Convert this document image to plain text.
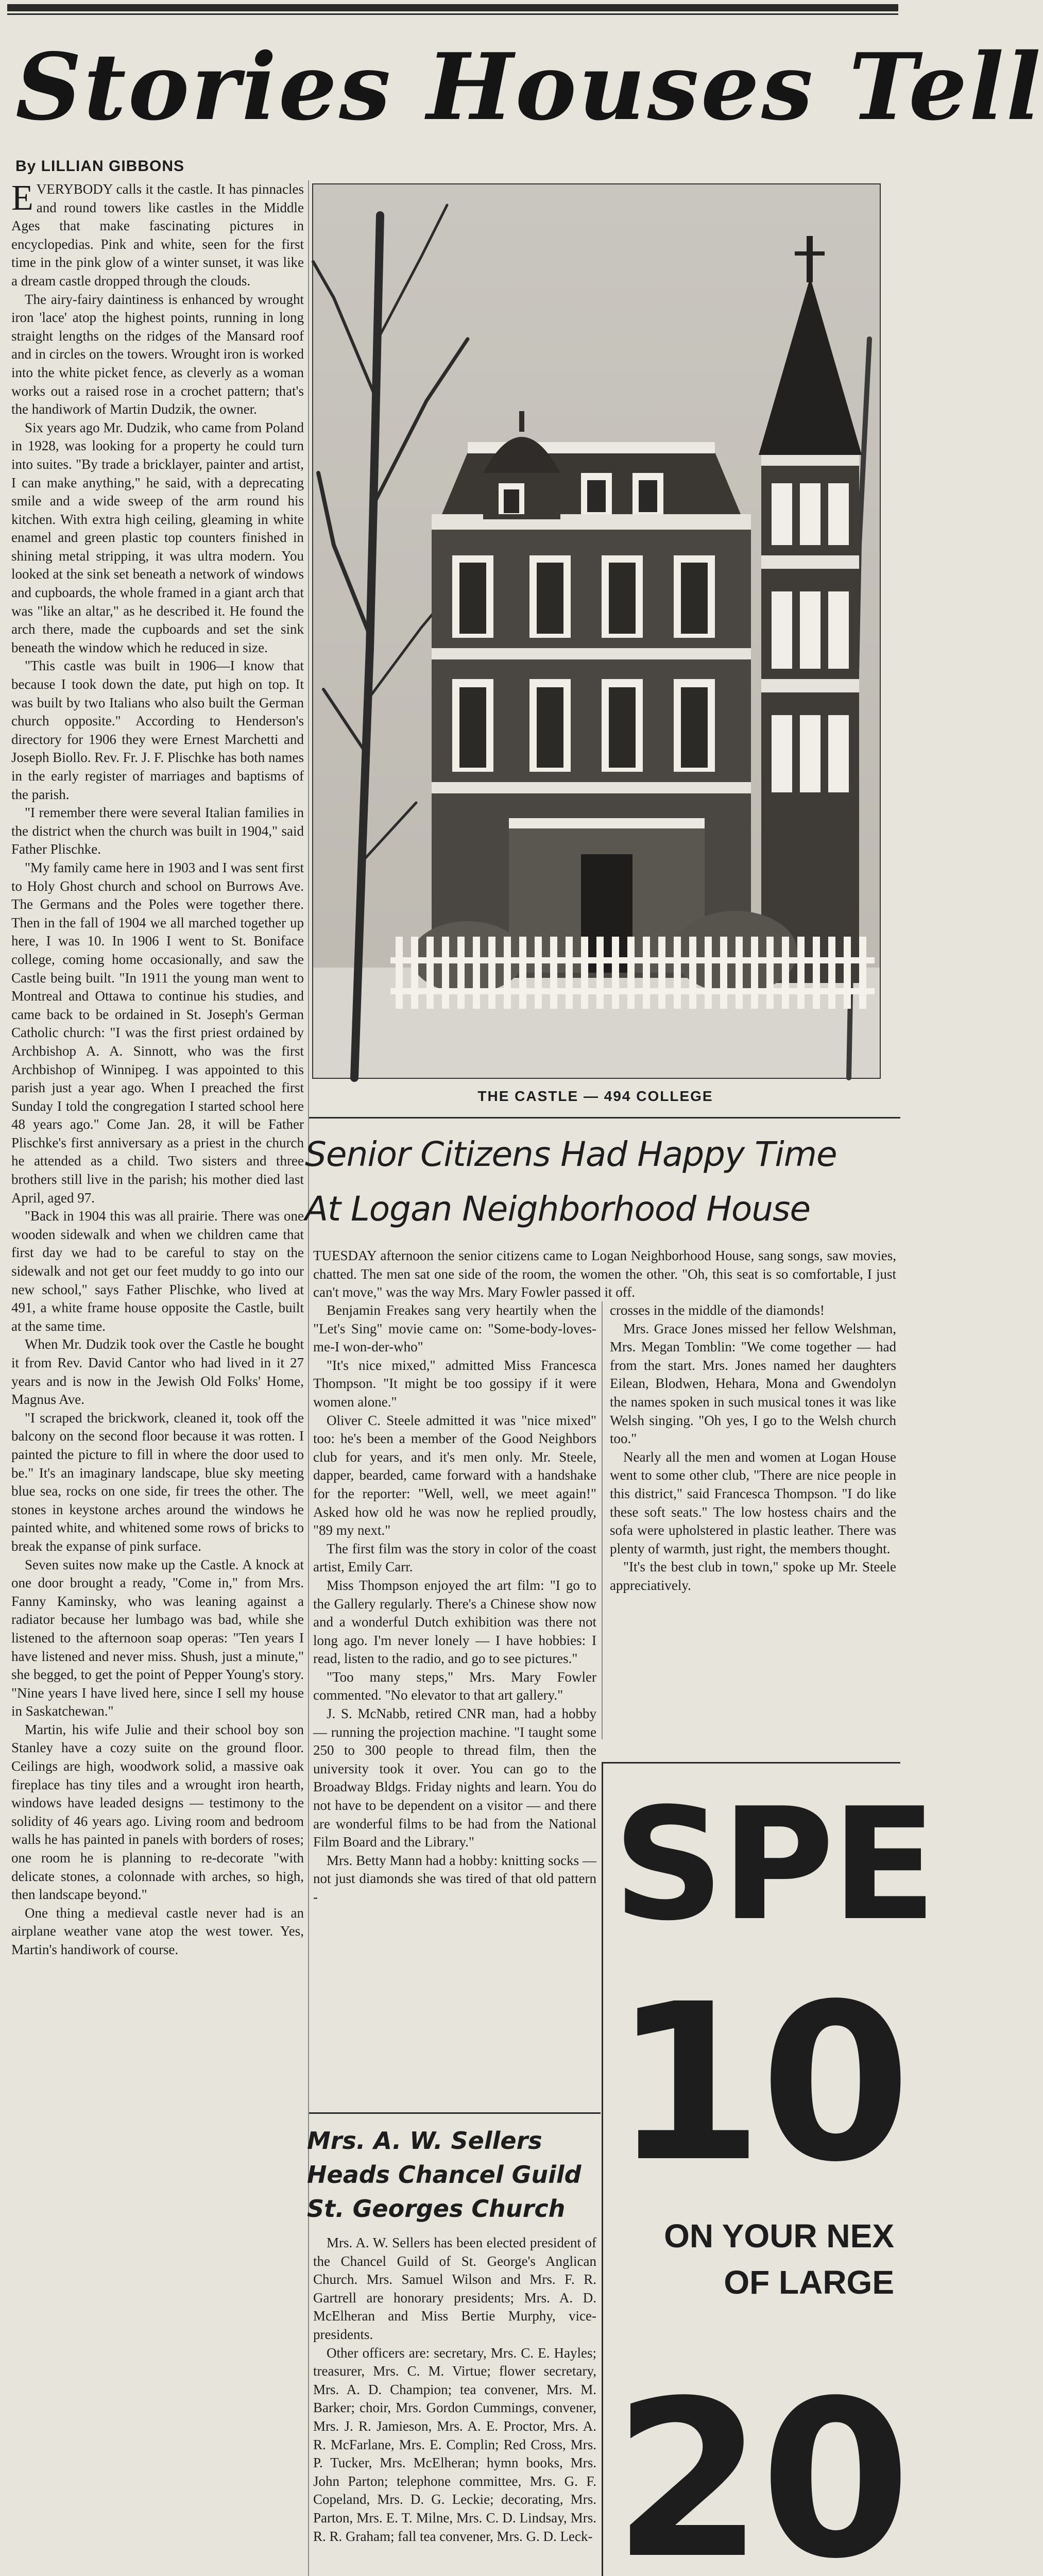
Stories Houses Tell
By LILLIAN GIBBONS

EVERYBODY calls it the castle. It has pinnacles and round towers like castles in the Middle Ages that make fascinating pictures in encyclopedias. Pink and white, seen for the first time in the pink glow of a winter sunset, it was like a dream castle dropped through the clouds.

The airy-fairy daintiness is enhanced by wrought iron 'lace' atop the highest points, running in long straight lengths on the ridges of the Mansard roof and in circles on the towers. Wrought iron is worked into the white picket fence, as cleverly as a woman works out a raised rose in a crochet pattern; that's the handiwork of Martin Dudzik, the owner.

Six years ago Mr. Dudzik, who came from Poland in 1928, was looking for a property he could turn into suites. "By trade a bricklayer, painter and artist, I can make anything," he said, with a deprecating smile and a wide sweep of the arm round his kitchen. With extra high ceiling, gleaming in white enamel and green plastic top counters finished in shining metal stripping, it was ultra modern. You looked at the sink set beneath a network of windows and cupboards, the whole framed in a giant arch that was "like an altar," as he described it. He found the arch there, made the cupboards and set the sink beneath the window which he reduced in size.

"This castle was built in 1906—I know that because I took down the date, put high on top. It was built by two Italians who also built the German church opposite." According to Henderson's directory for 1906 they were Ernest Marchetti and Joseph Biollo. Rev. Fr. J. F. Plischke has both names in the early register of marriages and baptisms of the parish.

"I remember there were several Italian families in the district when the church was built in 1904," said Father Plischke.

"My family came here in 1903 and I was sent first to Holy Ghost church and school on Burrows Ave. The Germans and the Poles were together there. Then in the fall of 1904 we all marched together up here, I was 10. In 1906 I went to St. Boniface college, coming home occasionally, and saw the Castle being built. "In 1911 the young man went to Montreal and Ottawa to continue his studies, and came back to be ordained in St. Joseph's German Catholic church: "I was the first priest ordained by Archbishop A. A. Sinnott, who was the first Archbishop of Winnipeg. I was appointed to this parish just a year ago. When I preached the first Sunday I told the congregation I started school here 48 years ago." Come Jan. 28, it will be Father Plischke's first anniversary as a priest in the church he attended as a child. Two sisters and three brothers still live in the parish; his mother died last April, aged 97.

"Back in 1904 this was all prairie. There was one wooden sidewalk and when we children came that first day we had to be careful to stay on the sidewalk and not get our feet muddy to go into our new school," says Father Plischke, who lived at 491, a white frame house opposite the Castle, built at the same time.

When Mr. Dudzik took over the Castle he bought it from Rev. David Cantor who had lived in it 27 years and is now in the Jewish Old Folks' Home, Magnus Ave.

"I scraped the brickwork, cleaned it, took off the balcony on the second floor because it was rotten. I painted the picture to fill in where the door used to be." It's an imaginary landscape, blue sky meeting blue sea, rocks on one side, fir trees the other. The stones in keystone arches around the windows he painted white, and whitened some rows of bricks to break the expanse of pink surface.

Seven suites now make up the Castle. A knock at one door brought a ready, "Come in," from Mrs. Fanny Kaminsky, who was leaning against a radiator because her lumbago was bad, while she listened to the afternoon soap operas: "Ten years I have listened and never miss. Shush, just a minute," she begged, to get the point of Pepper Young's story. "Nine years I have lived here, since I sell my house in Saskatchewan."

Martin, his wife Julie and their school boy son Stanley have a cozy suite on the ground floor. Ceilings are high, woodwork solid, a massive oak fireplace has tiny tiles and a wrought iron hearth, windows have leaded designs — testimony to the solidity of 46 years ago. Living room and bedroom walls he has painted in panels with borders of roses; one room he is planning to re-decorate "with delicate stones, a colonnade with arches, so high, then landscape beyond."

One thing a medieval castle never had is an airplane weather vane atop the west tower. Yes, Martin's handiwork of course.

THE CASTLE — 494 COLLEGE
Senior Citizens Had Happy Time
At Logan Neighborhood House

TUESDAY afternoon the senior citizens came to Logan Neighborhood House, sang songs, saw movies, chatted. The men sat one side of the room, the women the other. "Oh, this seat is so comfortable, I just can't move," was the way Mrs. Mary Fowler passed it off.

Benjamin Freakes sang very heartily when the "Let's Sing" movie came on: "Some-body-loves-me-I won-der-who"

"It's nice mixed," admitted Miss Francesca Thompson. "It might be too gossipy if it were women alone."

Oliver C. Steele admitted it was "nice mixed" too: he's been a member of the Good Neighbors club for years, and it's men only. Mr. Steele, dapper, bearded, came forward with a handshake for the reporter: "Well, well, we meet again!" Asked how old he was now he replied proudly, "89 my next."

The first film was the story in color of the coast artist, Emily Carr.

Miss Thompson enjoyed the art film: "I go to the Gallery regularly. There's a Chinese show now and a wonderful Dutch exhibition was there not long ago. I'm never lonely — I have hobbies: I read, listen to the radio, and go to see pictures."

"Too many steps," Mrs. Mary Fowler commented. "No elevator to that art gallery."

J. S. McNabb, retired CNR man, had a hobby — running the projection machine. "I taught some 250 to 300 people to thread film, then the university took it over. You can go to the Broadway Bldgs. Friday nights and learn. You do not have to be dependent on a visitor — and there are wonderful films to be had from the National Film Board and the Library."

Mrs. Betty Mann had a hobby: knitting socks — not just diamonds she was tired of that old pattern -

crosses in the middle of the diamonds!

Mrs. Grace Jones missed her fellow Welshman, Mrs. Megan Tomblin: "We come together — had from the start. Mrs. Jones named her daughters Eilean, Blodwen, Hehara, Mona and Gwendolyn the names spoken in such musical tones it was like Welsh singing. "Oh yes, I go to the Welsh church too."

Nearly all the men and women at Logan House went to some other club, "There are nice people in this district," said Francesca Thompson. "I do like these soft seats." The low hostess chairs and the sofa were upholstered in plastic leather. There was plenty of warmth, just right, the members thought.

"It's the best club in town," spoke up Mr. Steele appreciatively.

Mrs. A. W. Sellers Heads Chancel Guild St. Georges Church

Mrs. A. W. Sellers has been elected president of the Chancel Guild of St. George's Anglican Church. Mrs. Samuel Wilson and Mrs. F. R. Gartrell are honorary presidents; Mrs. A. D. McElheran and Miss Bertie Murphy, vice-presidents.

Other officers are: secretary, Mrs. C. E. Hayles; treasurer, Mrs. C. M. Virtue; flower secretary, Mrs. A. D. Champion; tea convener, Mrs. M. Barker; choir, Mrs. Gordon Cummings, convener, Mrs. J. R. Jamieson, Mrs. A. E. Proctor, Mrs. A. R. McFarlane, Mrs. E. Complin; Red Cross, Mrs. P. Tucker, Mrs. McElheran; hymn books, Mrs. John Parton; telephone committee, Mrs. G. F. Copeland, Mrs. D. G. Leckie; decorating, Mrs. Parton, Mrs. E. T. Milne, Mrs. C. D. Lindsay, Mrs. R. R. Graham; fall tea convener, Mrs. G. D. Leck-

SPE
10
ON YOUR NEX
OF LARGE
20
